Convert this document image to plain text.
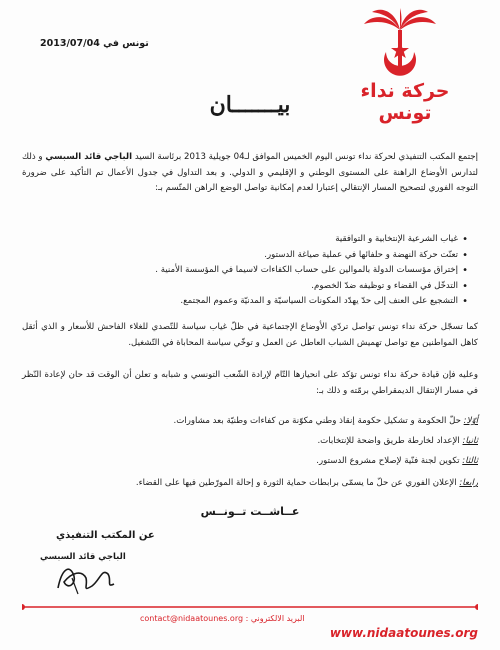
تونس في 2013/07/04
حركة نداء تونس
بيـــــــان

إجتمع المكتب التنفيذي لحركة نداء تونس اليوم الخميس الموافق لـ04 جويلية 2013 برئاسة السيد الباجي قائد السبسي و ذلك لتدارس الأوضاع الراهنة على المستوى الوطني و الإقليمي و الدولي. و بعد التداول في جدول الأعمال تم التأكيد على ضرورة التوجه الفوري لتصحيح المسار الإنتقالي إعتبارا لعدم إمكانية تواصل الوضع الراهن المتّسم بـ:

• غياب الشرعية الإنتخابية و التوافقية
• تعنّت حركة النهضة و حلفائها في عملية صياغة الدستور.
• إختراق مؤسسات الدولة بالموالين على حساب الكفاءات لاسيما في المؤسسة الأمنية .
• التدخّل في القضاء و توظيفه ضدّ الخصوم.
• التشجيع على العنف إلى حدّ يهدّد المكونات السياسيّة و المدنيّة وعموم المجتمع.

كما تسجّل حركة نداء تونس تواصل تردّي الأوضاع الإجتماعية في ظلّ غياب سياسة للتّصدي للغلاء الفاحش للأسعار و الذي أثقل كاهل المواطنين مع تواصل تهميش الشباب العاطل عن العمل و توخّي سياسة المحاباة في التّشغيل.

وعليه فإن قيادة حركة نداء تونس تؤكد على انحيازها التّام لإرادة الشّعب التونسي و شبابه و تعلن أن الوقت قد حان لإعادة النّظر في مسار الإنتقال الديمقراطي برمّته و ذلك بـ:

أوّلا: حلّ الحكومة و تشكيل حكومة إنقاذ وطني مكوّنة من كفاءات وطنيّة بعد مشاورات.
ثانيا: الإعداد لخارطة طريق واضحة للإنتخابات.
ثالثا: تكوين لجنة فنّية لإصلاح مشروع الدستور.
رابعا: الإعلان الفوري عن حلّ ما يسمّى برابطات حماية الثورة و إحالة المورّطين فيها على القضاء.
عــاشــت تــونــس
عن المكتب التنفيذي
الباجي قائد السبسي
البريد الالكتروني : contact@nidaatounes.org
www.nidaatounes.org
